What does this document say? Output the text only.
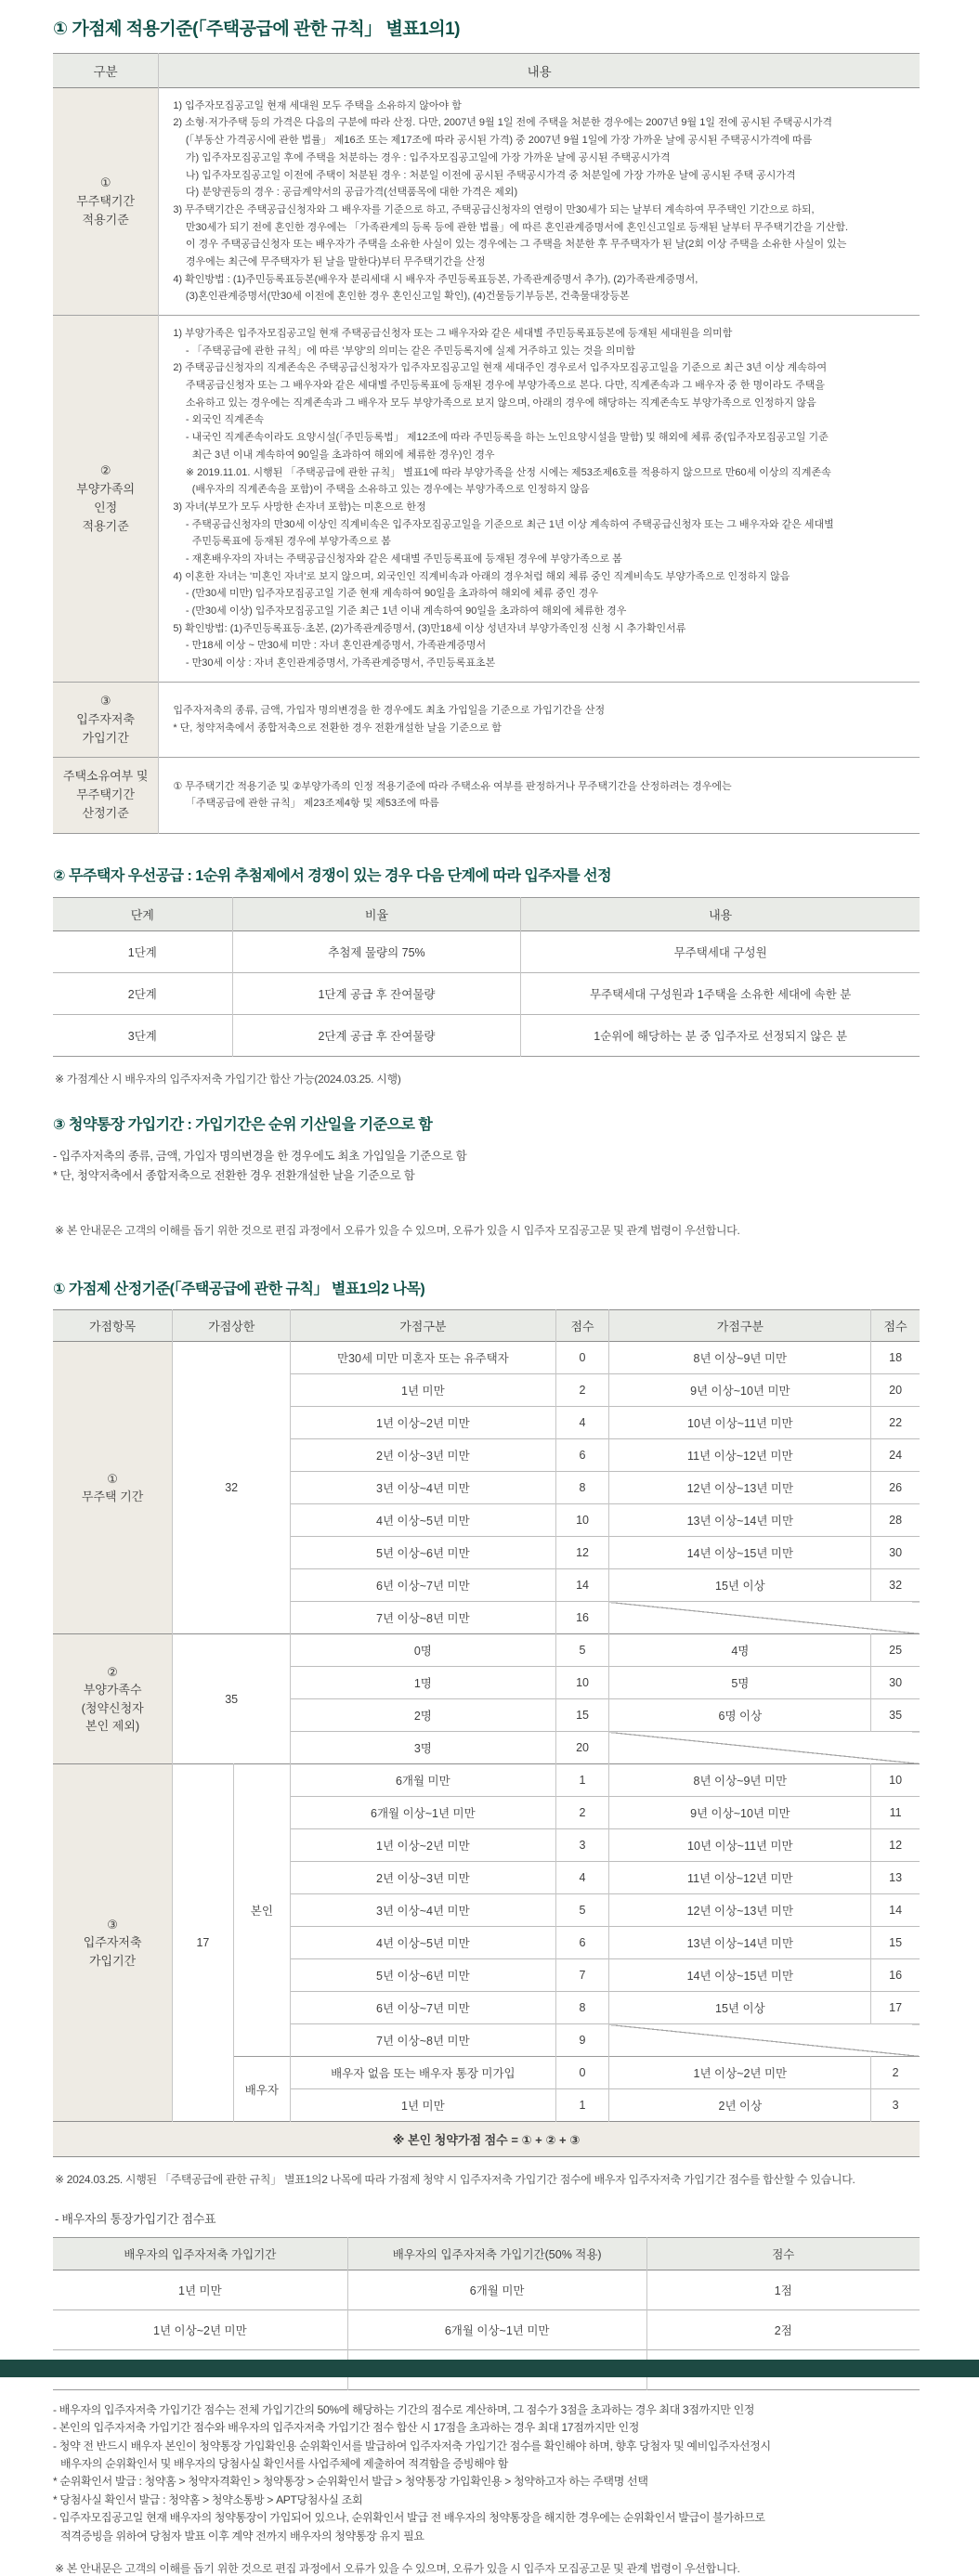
① 가점제 적용기준(「주택공급에 관한 규칙」 별표1의1)
구분	내용

①
무주택기간
적용기준

1) 입주자모집공고일 현재 세대원 모두 주택을 소유하지 않아야 함
2) 소형·저가주택 등의 가격은 다음의 구분에 따라 산정. 다만, 2007년 9월 1일 전에 주택을 처분한 경우에는 2007년 9월 1일 전에 공시된 주택공시가격
(「부동산 가격공시에 관한 법률」 제16조 또는 제17조에 따라 공시된 가격) 중 2007년 9월 1일에 가장 가까운 날에 공시된 주택공시가격에 따름
가) 입주자모집공고일 후에 주택을 처분하는 경우 : 입주자모집공고일에 가장 가까운 날에 공시된 주택공시가격
나) 입주자모집공고일 이전에 주택이 처분된 경우 : 처분일 이전에 공시된 주택공시가격 중 처분일에 가장 가까운 날에 공시된 주택 공시가격
다) 분양권등의 경우 : 공급계약서의 공급가격(선택품목에 대한 가격은 제외)
3) 무주택기간은 주택공급신청자와 그 배우자를 기준으로 하고, 주택공급신청자의 연령이 만30세가 되는 날부터 계속하여 무주택인 기간으로 하되,
만30세가 되기 전에 혼인한 경우에는 「가족관계의 등록 등에 관한 법률」에 따른 혼인관계증명서에 혼인신고일로 등재된 날부터 무주택기간을 기산함.
이 경우 주택공급신청자 또는 배우자가 주택을 소유한 사실이 있는 경우에는 그 주택을 처분한 후 무주택자가 된 날(2회 이상 주택을 소유한 사실이 있는
경우에는 최근에 무주택자가 된 날을 말한다)부터 무주택기간을 산정
4) 확인방법 : (1)주민등록표등본(배우자 분리세대 시 배우자 주민등록표등본, 가족관계증명서 추가), (2)가족관계증명서,
(3)혼인관계증명서(만30세 이전에 혼인한 경우 혼인신고일 확인), (4)건물등기부등본, 건축물대장등본

②
부양가족의
인정
적용기준

1) 부양가족은 입주자모집공고일 현재 주택공급신청자 또는 그 배우자와 같은 세대별 주민등록표등본에 등재된 세대원을 의미함
- 「주택공급에 관한 규칙」에 따른 '부양'의 의미는 같은 주민등록지에 실제 거주하고 있는 것을 의미함
2) 주택공급신청자의 직계존속은 주택공급신청자가 입주자모집공고일 현재 세대주인 경우로서 입주자모집공고일을 기준으로 최근 3년 이상 계속하여
주택공급신청자 또는 그 배우자와 같은 세대별 주민등록표에 등재된 경우에 부양가족으로 본다. 다만, 직계존속과 그 배우자 중 한 명이라도 주택을
소유하고 있는 경우에는 직계존속과 그 배우자 모두 부양가족으로 보지 않으며, 아래의 경우에 해당하는 직계존속도 부양가족으로 인정하지 않음
- 외국인 직계존속
- 내국인 직계존속이라도 요양시설(「주민등록법」 제12조에 따라 주민등록을 하는 노인요양시설을 말함) 및 해외에 체류 중(입주자모집공고일 기준
최근 3년 이내 계속하여 90일을 초과하여 해외에 체류한 경우)인 경우
※ 2019.11.01. 시행된 「주택공급에 관한 규칙」 별표1에 따라 부양가족을 산정 시에는 제53조제6호를 적용하지 않으므로 만60세 이상의 직계존속
(배우자의 직계존속을 포함)이 주택을 소유하고 있는 경우에는 부양가족으로 인정하지 않음
3) 자녀(부모가 모두 사망한 손자녀 포함)는 미혼으로 한정
- 주택공급신청자의 만30세 이상인 직계비속은 입주자모집공고일을 기준으로 최근 1년 이상 계속하여 주택공급신청자 또는 그 배우자와 같은 세대별
주민등록표에 등재된 경우에 부양가족으로 봄
- 재혼배우자의 자녀는 주택공급신청자와 같은 세대별 주민등록표에 등재된 경우에 부양가족으로 봄
4) 이혼한 자녀는 '미혼인 자녀'로 보지 않으며, 외국인인 직계비속과 아래의 경우처럼 해외 체류 중인 직계비속도 부양가족으로 인정하지 않음
- (만30세 미만) 입주자모집공고일 기준 현재 계속하여 90일을 초과하여 해외에 체류 중인 경우
- (만30세 이상) 입주자모집공고일 기준 최근 1년 이내 계속하여 90일을 초과하여 해외에 체류한 경우
5) 확인방법: (1)주민등록표등·초본, (2)가족관계증명서, (3)만18세 이상 성년자녀 부양가족인정 신청 시 추가확인서류
- 만18세 이상 ~ 만30세 미만 : 자녀 혼인관계증명서, 가족관계증명서
- 만30세 이상 : 자녀 혼인관계증명서, 가족관계증명서, 주민등록표초본

③
입주자저축
가입기간

입주자저축의 종류, 금액, 가입자 명의변경을 한 경우에도 최초 가입일을 기준으로 가입기간을 산정
* 단, 청약저축에서 종합저축으로 전환한 경우 전환개설한 날을 기준으로 함

주택소유여부 및
무주택기간
산정기준

① 무주택기간 적용기준 및 ②부양가족의 인정 적용기준에 따라 주택소유 여부를 판정하거나 무주택기간을 산정하려는 경우에는
「주택공급에 관한 규칙」 제23조제4항 및 제53조에 따름
② 무주택자 우선공급 : 1순위 추첨제에서 경쟁이 있는 경우 다음 단계에 따라 입주자를 선정
단계	비율	내용
1단계	추첨제 물량의 75%	무주택세대 구성원
2단계	1단계 공급 후 잔여물량	무주택세대 구성원과 1주택을 소유한 세대에 속한 분
3단계	2단계 공급 후 잔여물량	1순위에 해당하는 분 중 입주자로 선정되지 않은 분

※ 가점계산 시 배우자의 입주자저축 가입기간 합산 가능(2024.03.25. 시행)

③ 청약통장 가입기간 : 가입기간은 순위 기산일을 기준으로 함
- 입주자저축의 종류, 금액, 가입자 명의변경을 한 경우에도 최초 가입일을 기준으로 함
* 단, 청약저축에서 종합저축으로 전환한 경우 전환개설한 날을 기준으로 함

※ 본 안내문은 고객의 이해를 돕기 위한 것으로 편집 과정에서 오류가 있을 수 있으며, 오류가 있을 시 입주자 모집공고문 및 관계 법령이 우선합니다.

① 가점제 산정기준(「주택공급에 관한 규칙」 별표1의2 나목)
가점항목	가점상한		가점구분	점수	가점구분	점수

①
무주택 기간	32		만30세 미만 미혼자 또는 유주택자	0	8년 이상~9년 미만	18
			1년 미만	2	9년 이상~10년 미만	20
			1년 이상~2년 미만	4	10년 이상~11년 미만	22
			2년 이상~3년 미만	6	11년 이상~12년 미만	24
			3년 이상~4년 미만	8	12년 이상~13년 미만	26
			4년 이상~5년 미만	10	13년 이상~14년 미만	28
			5년 이상~6년 미만	12	14년 이상~15년 미만	30
			6년 이상~7년 미만	14	15년 이상	32
			7년 이상~8년 미만	16		

②
부양가족수
(청약신청자
본인 제외)	35		0명	5	4명	25
			1명	10	5명	30
			2명	15	6명 이상	35
			3명	20		

③
입주자저축
가입기간	17	본인	6개월 미만	1	8년 이상~9년 미만	10
			6개월 이상~1년 미만	2	9년 이상~10년 미만	11
			1년 이상~2년 미만	3	10년 이상~11년 미만	12
			2년 이상~3년 미만	4	11년 이상~12년 미만	13
			3년 이상~4년 미만	5	12년 이상~13년 미만	14
			4년 이상~5년 미만	6	13년 이상~14년 미만	15
			5년 이상~6년 미만	7	14년 이상~15년 미만	16
			6년 이상~7년 미만	8	15년 이상	17
			7년 이상~8년 미만	9		
		배우자	배우자 없음 또는 배우자 통장 미가입	0	1년 이상~2년 미만	2
			1년 미만	1	2년 이상	3
※ 본인 청약가점 점수 = ① + ② + ③						

※ 2024.03.25. 시행된 「주택공급에 관한 규칙」 별표1의2 나목에 따라 가점제 청약 시 입주자저축 가입기간 점수에 배우자 입주자저축 가입기간 점수를 합산할 수 있습니다.

- 배우자의 통장가입기간 점수표

배우자의 입주자저축 가입기간	배우자의 입주자저축 가입기간(50% 적용)	점수
1년 미만	6개월 미만	1점
1년 이상~2년 미만	6개월 이상~1년 미만	2점

- 배우자의 입주자저축 가입기간 점수는 전체 가입기간의 50%에 해당하는 기간의 점수로 계산하며, 그 점수가 3점을 초과하는 경우 최대 3점까지만 인정
- 본인의 입주자저축 가입기간 점수와 배우자의 입주자저축 가입기간 점수 합산 시 17점을 초과하는 경우 최대 17점까지만 인정
- 청약 전 반드시 배우자 본인이 청약통장 가입확인용 순위확인서를 발급하여 입주자저축 가입기간 점수를 확인해야 하며, 향후 당첨자 및 예비입주자선정시
배우자의 순위확인서 및 배우자의 당첨사실 확인서를 사업주체에 제출하여 적격함을 증빙해야 함
* 순위확인서 발급 : 청약홈 > 청약자격확인 > 청약통장 > 순위확인서 발급 > 청약통장 가입확인용 > 청약하고자 하는 주택명 선택
* 당첨사실 확인서 발급 : 청약홈 > 청약소통방 > APT당첨사실 조회
- 입주자모집공고일 현재 배우자의 청약통장이 가입되어 있으나, 순위확인서 발급 전 배우자의 청약통장을 해지한 경우에는 순위확인서 발급이 불가하므로
적격증빙을 위하여 당첨자 발표 이후 계약 전까지 배우자의 청약통장 유지 필요

※ 본 안내문은 고객의 이해를 돕기 위한 것으로 편집 과정에서 오류가 있을 수 있으며, 오류가 있을 시 입주자 모집공고문 및 관계 법령이 우선합니다.
